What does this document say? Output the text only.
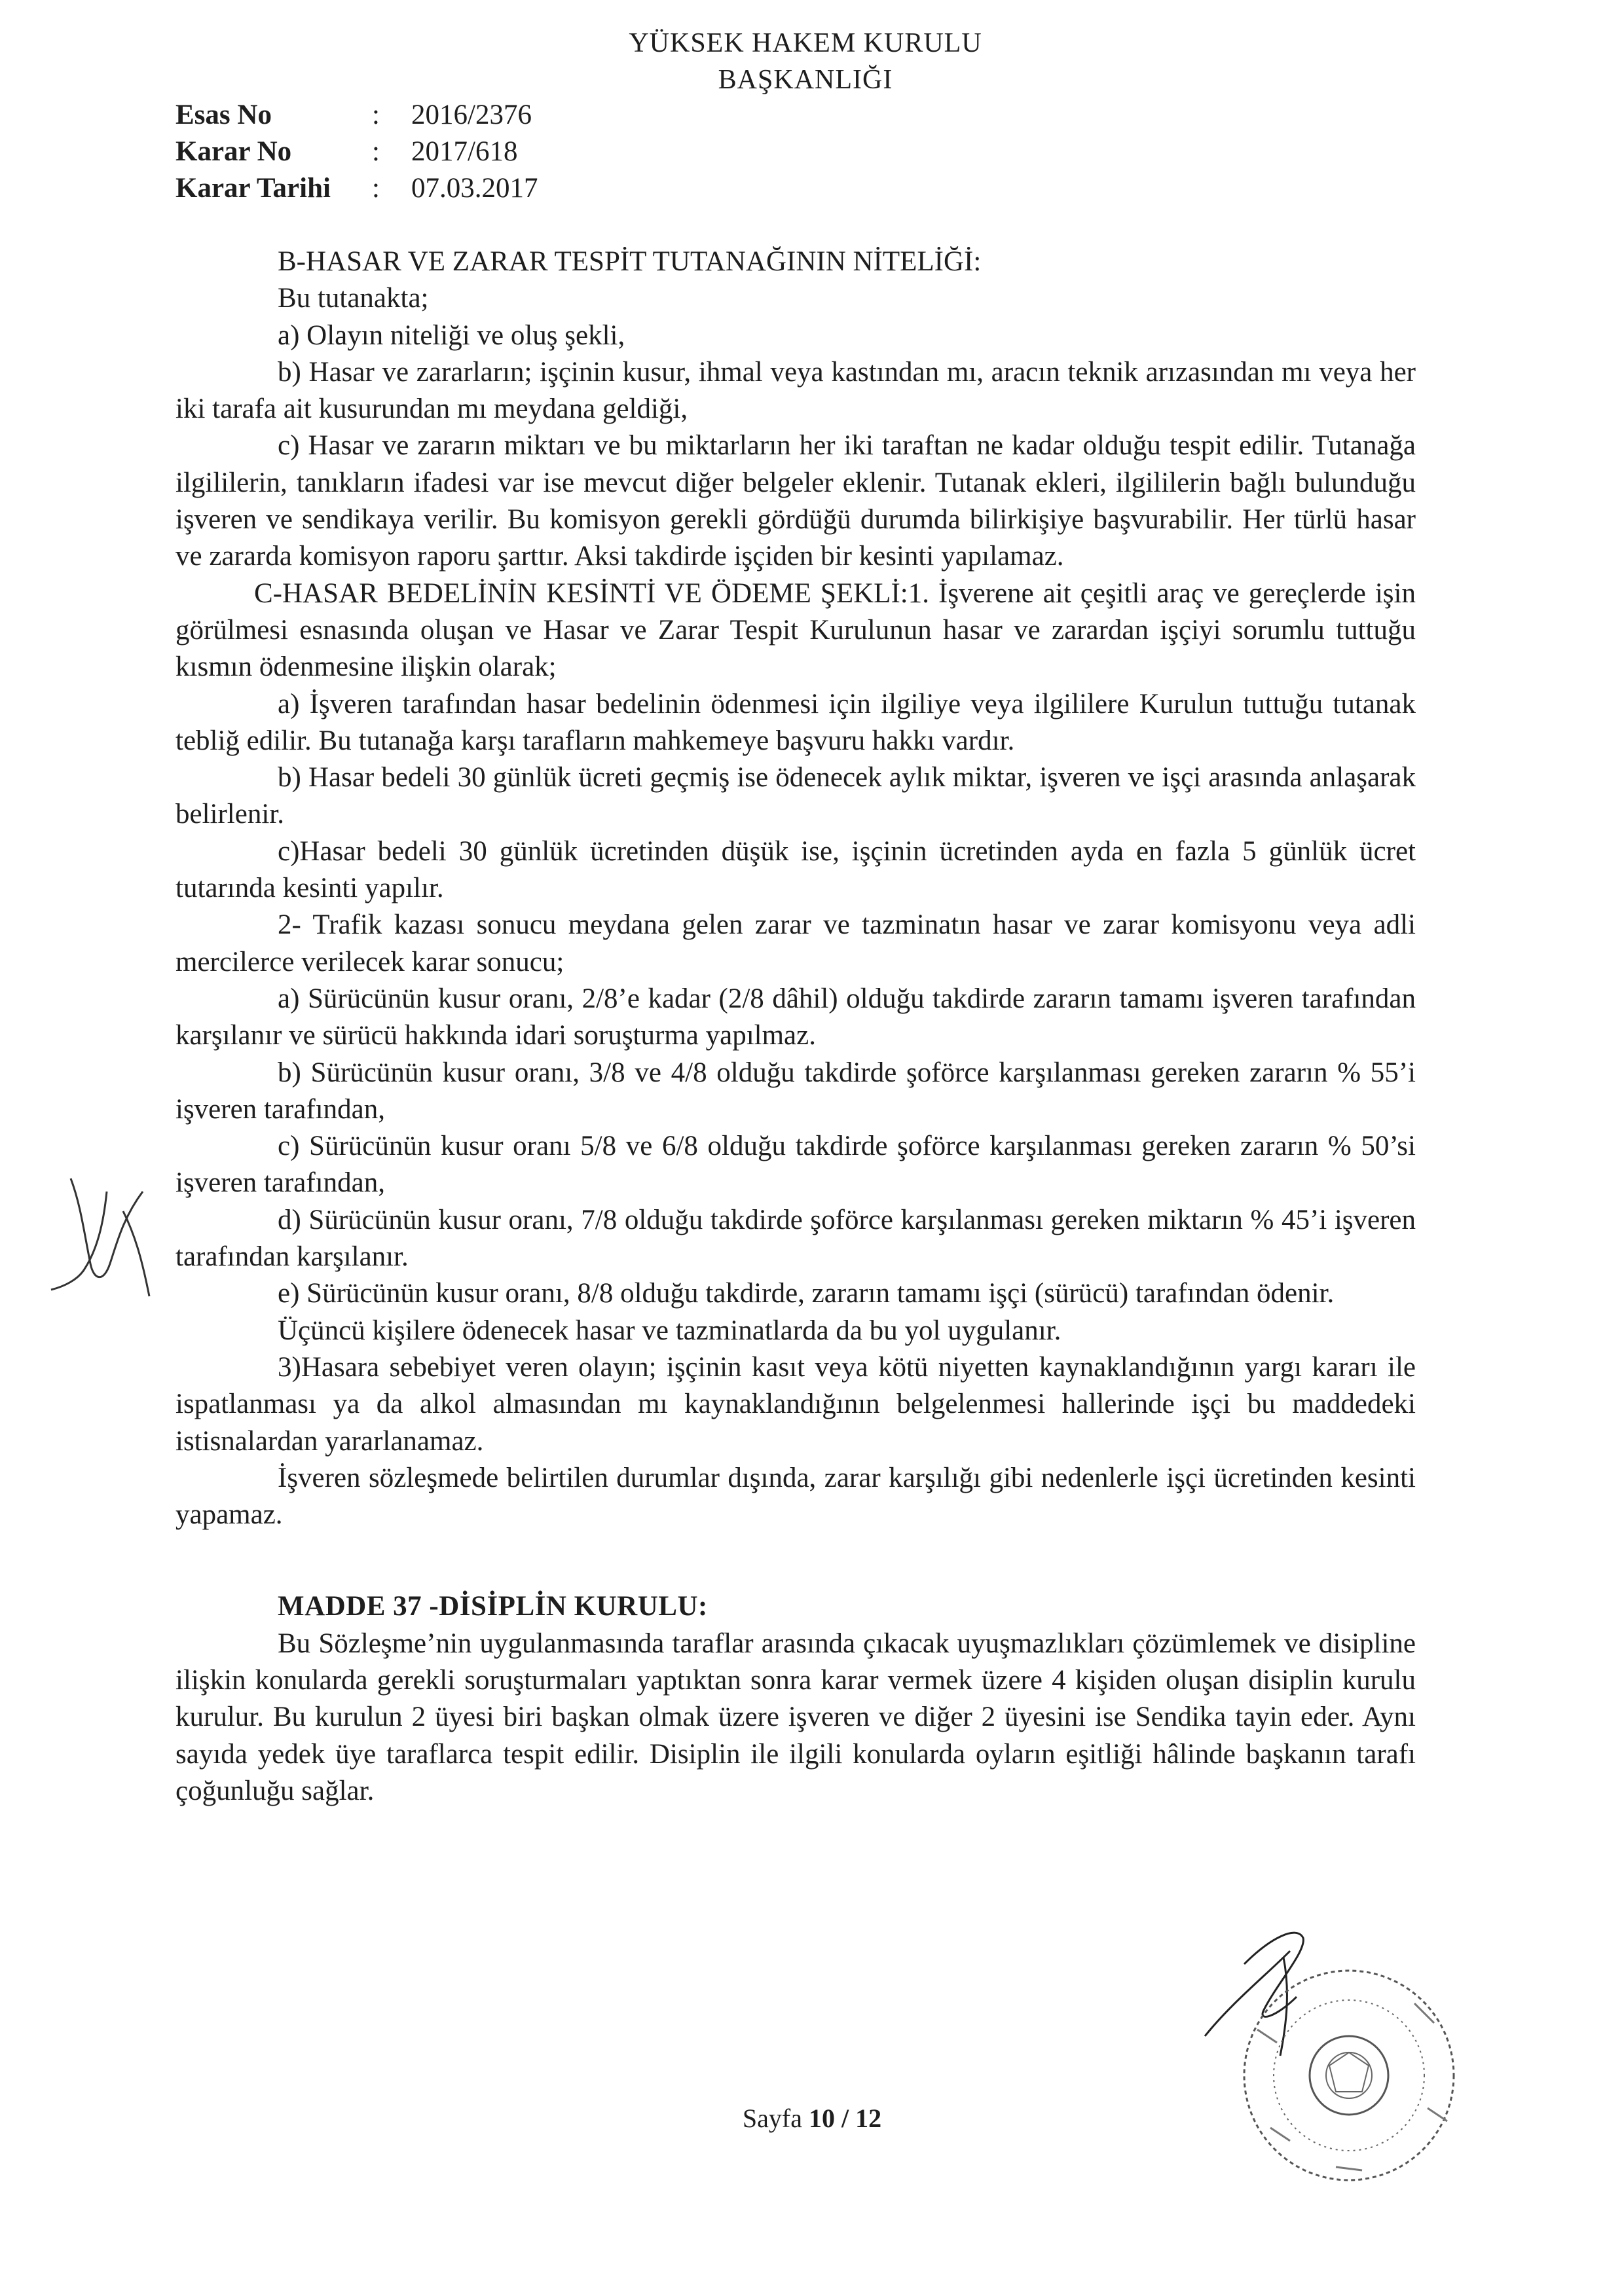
YÜKSEK HAKEM KURULU
BAŞKANLIĞI
Esas No	:	2016/2376
Karar No	:	2017/618
Karar Tarihi	:	07.03.2017

B-HASAR VE ZARAR TESPİT TUTANAĞININ NİTELİĞİ:

Bu tutanakta;

a) Olayın niteliği ve oluş şekli,

b) Hasar ve zararların; işçinin kusur, ihmal veya kastından mı, aracın teknik arızasından mı veya her iki tarafa ait kusurundan mı meydana geldiği,

c) Hasar ve zararın miktarı ve bu miktarların her iki taraftan ne kadar olduğu tespit edilir. Tutanağa ilgililerin, tanıkların ifadesi var ise mevcut diğer belgeler eklenir. Tutanak ekleri, ilgililerin bağlı bulunduğu işveren ve sendikaya verilir. Bu komisyon gerekli gördüğü durumda bilirkişiye başvurabilir. Her türlü hasar ve zararda komisyon raporu şarttır. Aksi takdirde işçiden bir kesinti yapılamaz.

C-HASAR BEDELİNİN KESİNTİ VE ÖDEME ŞEKLİ:1. İşverene ait çeşitli araç ve gereçlerde işin görülmesi esnasında oluşan ve Hasar ve Zarar Tespit Kurulunun hasar ve zarardan işçiyi sorumlu tuttuğu kısmın ödenmesine ilişkin olarak;

a) İşveren tarafından hasar bedelinin ödenmesi için ilgiliye veya ilgililere Kurulun tuttuğu tutanak tebliğ edilir. Bu tutanağa karşı tarafların mahkemeye başvuru hakkı vardır.

b) Hasar bedeli 30 günlük ücreti geçmiş ise ödenecek aylık miktar, işveren ve işçi arasında anlaşarak belirlenir.

c)Hasar bedeli 30 günlük ücretinden düşük ise, işçinin ücretinden ayda en fazla 5 günlük ücret tutarında kesinti yapılır.

2- Trafik kazası sonucu meydana gelen zarar ve tazminatın hasar ve zarar komisyonu veya adli mercilerce verilecek karar sonucu;

a) Sürücünün kusur oranı, 2/8’e kadar (2/8 dâhil) olduğu takdirde zararın tamamı işveren tarafından karşılanır ve sürücü hakkında idari soruşturma yapılmaz.

b) Sürücünün kusur oranı, 3/8 ve 4/8 olduğu takdirde şoförce karşılanması gereken zararın % 55’i işveren tarafından,

c) Sürücünün kusur oranı 5/8 ve 6/8 olduğu takdirde şoförce karşılanması gereken zararın % 50’si işveren tarafından,

d) Sürücünün kusur oranı, 7/8 olduğu takdirde şoförce karşılanması gereken miktarın % 45’i işveren tarafından karşılanır.

e) Sürücünün kusur oranı, 8/8 olduğu takdirde, zararın tamamı işçi (sürücü) tarafından ödenir.

Üçüncü kişilere ödenecek hasar ve tazminatlarda da bu yol uygulanır.

3)Hasara sebebiyet veren olayın; işçinin kasıt veya kötü niyetten kaynaklandığının yargı kararı ile ispatlanması ya da alkol almasından mı kaynaklandığının belgelenmesi hallerinde işçi bu maddedeki istisnalardan yararlanamaz.

İşveren sözleşmede belirtilen durumlar dışında, zarar karşılığı gibi nedenlerle işçi ücretinden kesinti yapamaz.

MADDE 37 -DİSİPLİN KURULU:

Bu Sözleşme’nin uygulanmasında taraflar arasında çıkacak uyuşmazlıkları çözümlemek ve disipline ilişkin konularda gerekli soruşturmaları yaptıktan sonra karar vermek üzere 4 kişiden oluşan disiplin kurulu kurulur. Bu kurulun 2 üyesi biri başkan olmak üzere işveren ve diğer 2 üyesini ise Sendika tayin eder. Aynı sayıda yedek üye taraflarca tespit edilir. Disiplin ile ilgili konularda oyların eşitliği hâlinde başkanın tarafı çoğunluğu sağlar.

Sayfa 10 / 12
